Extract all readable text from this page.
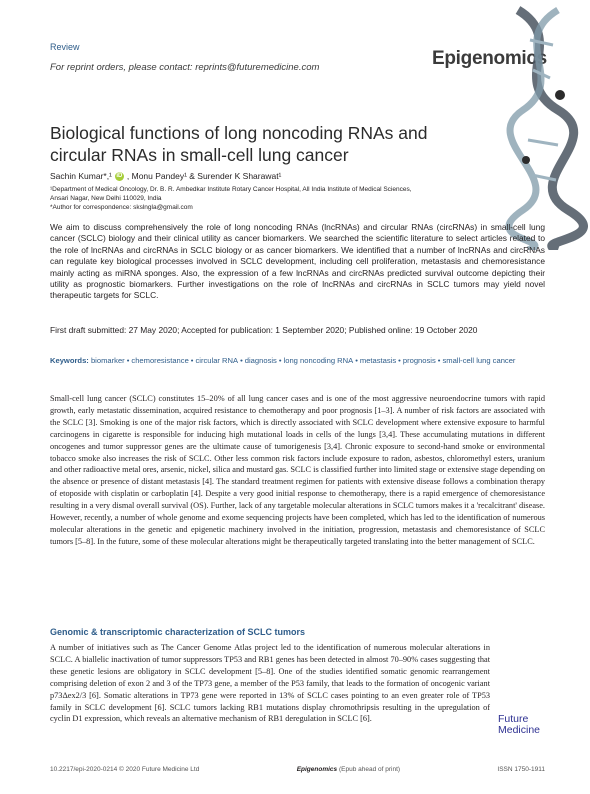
Review
For reprint orders, please contact: reprints@futuremedicine.com	Epigenomics
Biological functions of long noncoding RNAs and circular RNAs in small-cell lung cancer
Sachin Kumar*,¹ iD , Monu Pandey¹ & Surender K Sharawat¹
¹Department of Medical Oncology, Dr. B. R. Ambedkar Institute Rotary Cancer Hospital, All India Institute of Medical Sciences,
Ansari Nagar, New Delhi 110029, India
*Author for correspondence: skslngla@gmail.com
We aim to discuss comprehensively the role of long noncoding RNAs (lncRNAs) and circular RNAs (circRNAs) in small-cell lung cancer (SCLC) biology and their clinical utility as cancer biomarkers. We searched the scientific literature to select articles related to the role of lncRNAs and circRNAs in SCLC biology or as cancer biomarkers. We identified that a number of lncRNAs and circRNAs can regulate key biological processes involved in SCLC development, including cell proliferation, metastasis and chemoresistance mainly acting as miRNA sponges. Also, the expression of a few lncRNAs and circRNAs predicted survival outcome depicting their utility as prognostic biomarkers. Further investigations on the role of lncRNAs and circRNAs in SCLC tumors may yield novel therapeutic targets for SCLC.
First draft submitted: 27 May 2020; Accepted for publication: 1 September 2020; Published online: 19 October 2020
Keywords: biomarker • chemoresistance • circular RNA • diagnosis • long noncoding RNA • metastasis • prognosis • small-cell lung cancer
Small-cell lung cancer (SCLC) constitutes 15–20% of all lung cancer cases and is one of the most aggressive neuroendocrine tumors with rapid growth, early metastatic dissemination, acquired resistance to chemotherapy and poor prognosis [1–3]. A number of risk factors are associated with the SCLC [3]. Smoking is one of the major risk factors, which is directly associated with SCLC development where extensive exposure to harmful carcinogens in cigarette is responsible for inducing high mutational loads in cells of the lungs [3,4]. These accumulating mutations in different oncogenes and tumor suppressor genes are the ultimate cause of tumorigenesis [3,4]. Chronic exposure to second-hand smoke or environmental tobacco smoke also increases the risk of SCLC. Other less common risk factors include exposure to radon, asbestos, chloromethyl esters, uranium and other radioactive metal ores, arsenic, nickel, silica and mustard gas. SCLC is classified further into limited stage or extensive stage depending on the absence or presence of distant metastasis [4]. The standard treatment regimen for patients with extensive disease follows a combination therapy of etoposide with cisplatin or carboplatin [4]. Despite a very good initial response to chemotherapy, there is a rapid emergence of chemoresistance resulting in a very dismal overall survival (OS). Further, lack of any targetable molecular alterations in SCLC tumors makes it a 'recalcitrant' disease. However, recently, a number of whole genome and exome sequencing projects have been completed, which has led to the identification of numerous molecular alterations in the genetic and epigenetic machinery involved in the initiation, progression, metastasis and chemoresistance of SCLC tumors [5–8]. In the future, some of these molecular alterations might be therapeutically targeted translating into the better management of SCLC.
Genomic & transcriptomic characterization of SCLC tumors
A number of initiatives such as The Cancer Genome Atlas project led to the identification of numerous molecular alterations in SCLC. A biallelic inactivation of tumor suppressors TP53 and RB1 genes has been detected in almost 70–90% cases suggesting that these genetic lesions are obligatory in SCLC development [5–8]. One of the studies identified somatic genomic rearrangement comprising deletion of exon 2 and 3 of the TP73 gene, a member of the P53 family, that leads to the formation of oncogenic variant p73Δex2/3 [6]. Somatic alterations in TP73 gene were reported in 13% of SCLC cases pointing to an even greater role of TP53 family in SCLC development [6]. SCLC tumors lacking RB1 mutations display chromothripsis resulting in the upregulation of cyclin D1 expression, which reveals an alternative mechanism of RB1 deregulation in SCLC [6].	Future
Medicine
10.2217/epi-2020-0214 © 2020 Future Medicine Ltd	Epigenomics (Epub ahead of print)	ISSN 1750-1911
